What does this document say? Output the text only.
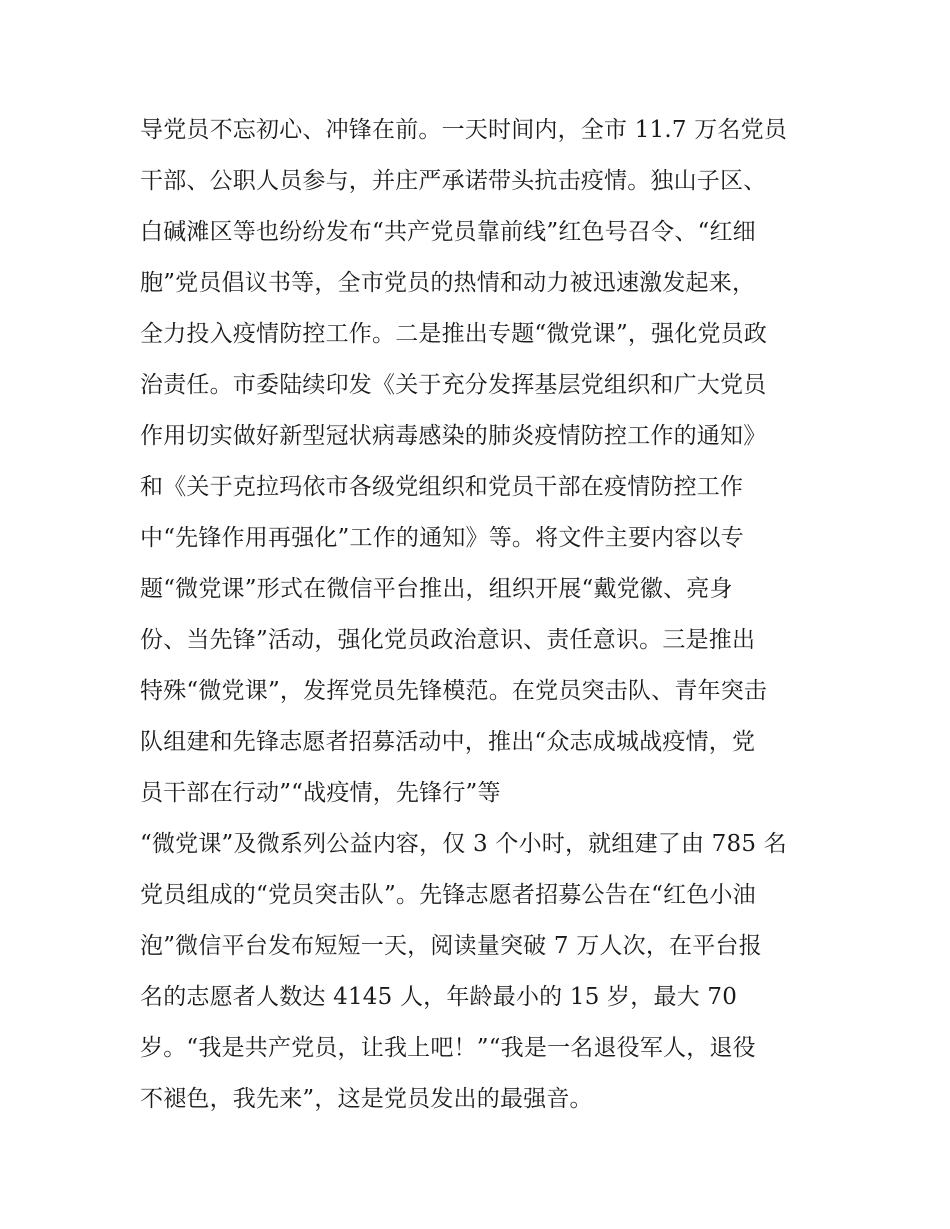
导党员不忘初心、冲锋在前。一天时间内，全市 11.7 万名党员
干部、公职人员参与，并庄严承诺带头抗击疫情。独山子区、
白碱滩区等也纷纷发布“共产党员靠前线”红色号召令、“红细
胞”党员倡议书等，全市党员的热情和动力被迅速激发起来，
全力投入疫情防控工作。二是推出专题“微党课”，强化党员政
治责任。市委陆续印发《关于充分发挥基层党组织和广大党员
作用切实做好新型冠状病毒感染的肺炎疫情防控工作的通知》
和《关于克拉玛依市各级党组织和党员干部在疫情防控工作
中“先锋作用再强化”工作的通知》等。将文件主要内容以专
题“微党课”形式在微信平台推出，组织开展“戴党徽、亮身
份、当先锋”活动，强化党员政治意识、责任意识。三是推出
特殊“微党课”，发挥党员先锋模范。在党员突击队、青年突击
队组建和先锋志愿者招募活动中，推出“众志成城战疫情，党
员干部在行动”“战疫情，先锋行”等
“微党课”及微系列公益内容，仅 3 个小时，就组建了由 785 名
党员组成的“党员突击队”。先锋志愿者招募公告在“红色小油
泡”微信平台发布短短一天，阅读量突破 7 万人次，在平台报
名的志愿者人数达 4145 人，年龄最小的 15 岁，最大 70
岁。“我是共产党员，让我上吧！”“我是一名退役军人，退役
不褪色，我先来”，这是党员发出的最强音。
